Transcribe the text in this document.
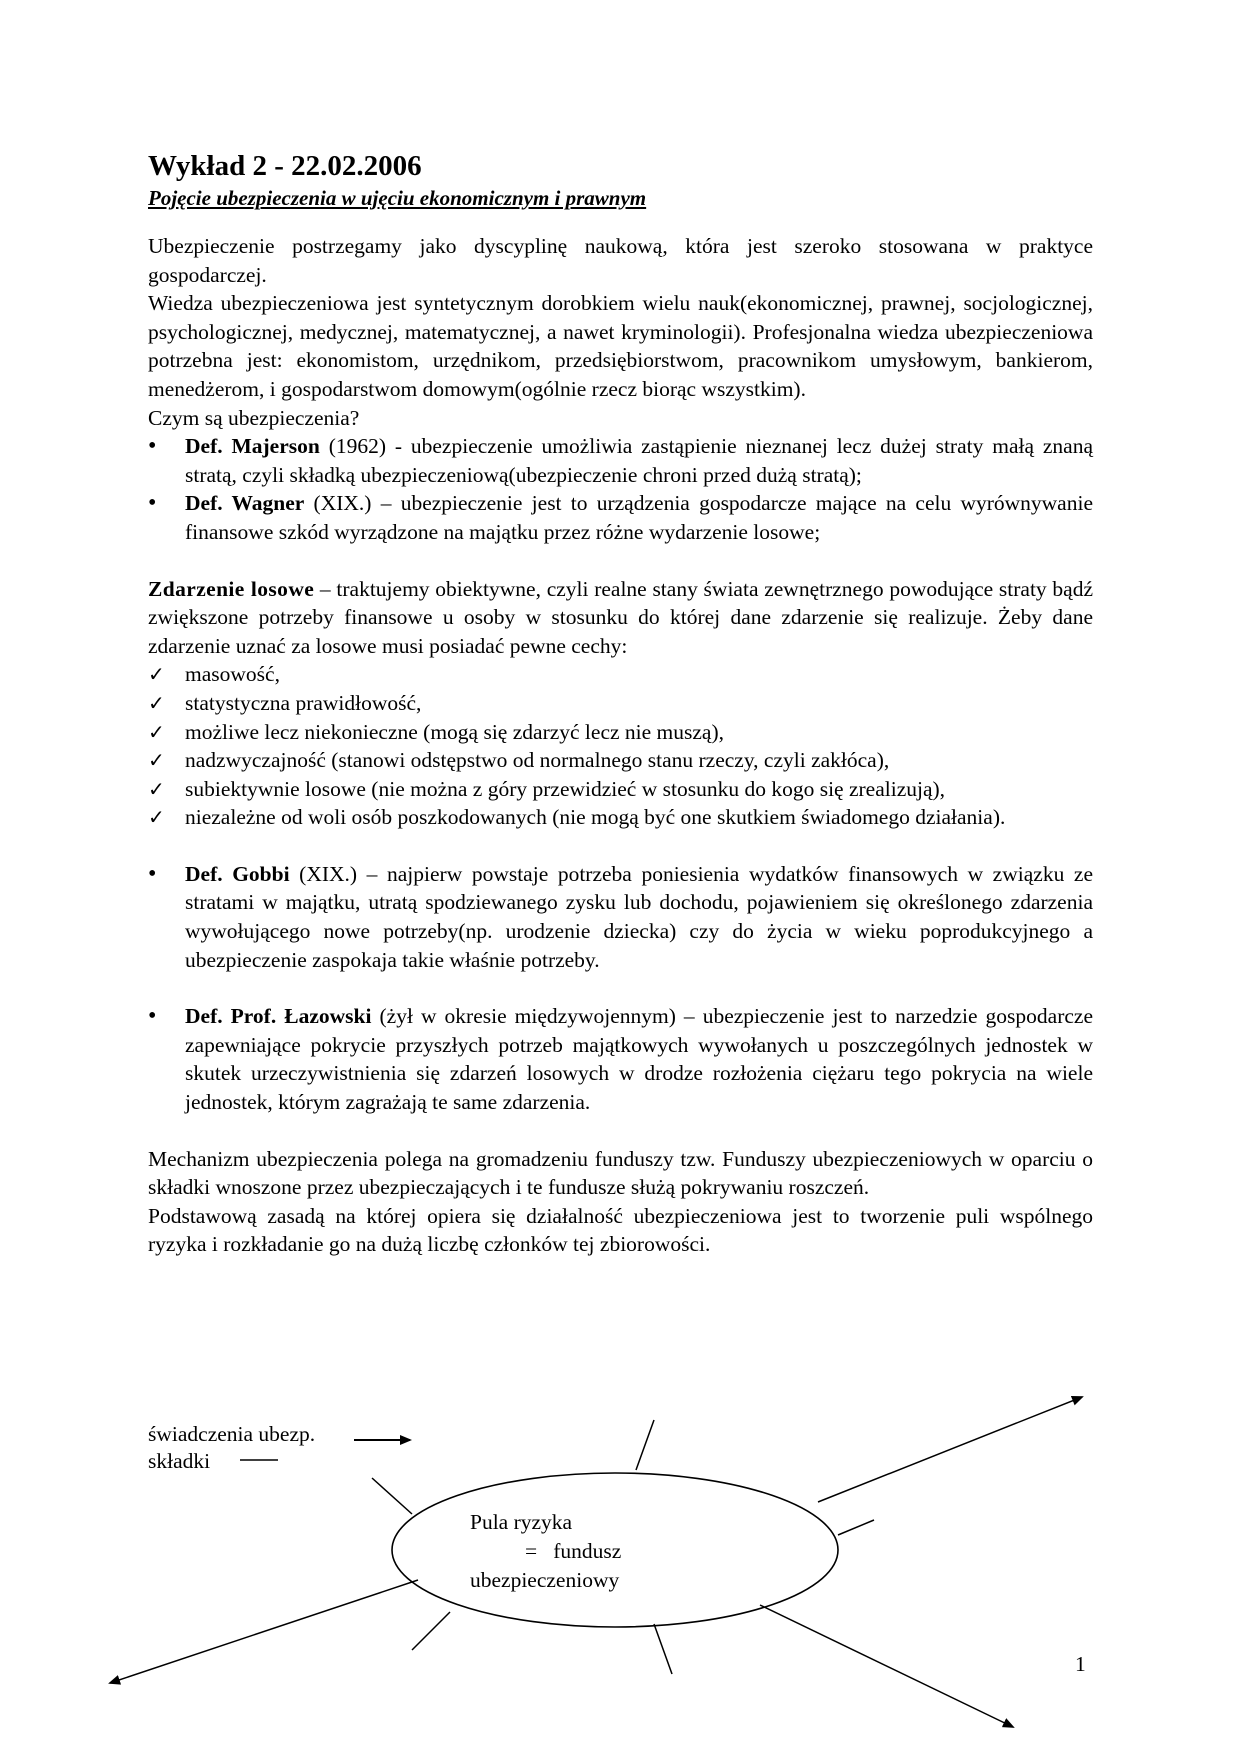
Wykład 2 - 22.02.2006
Pojęcie ubezpieczenia w ujęciu ekonomicznym i prawnym

Ubezpieczenie postrzegamy jako dyscyplinę naukową, która jest szeroko stosowana w praktyce gospodarczej.

Wiedza ubezpieczeniowa jest syntetycznym dorobkiem wielu nauk(ekonomicznej, prawnej, socjologicznej, psychologicznej, medycznej, matematycznej, a nawet kryminologii). Profesjonalna wiedza ubezpieczeniowa potrzebna jest: ekonomistom, urzędnikom, przedsiębiorstwom, pracownikom umysłowym, bankierom, menedżerom, i gospodarstwom domowym(ogólnie rzecz biorąc wszystkim).

Czym są ubezpieczenia?

•
Def. Majerson (1962) - ubezpieczenie umożliwia zastąpienie nieznanej lecz dużej straty małą znaną stratą, czyli składką ubezpieczeniową(ubezpieczenie chroni przed dużą stratą);
•
Def. Wagner (XIX.) – ubezpieczenie jest to urządzenia gospodarcze mające na celu wyrównywanie finansowe szkód wyrządzone na majątku przez różne wydarzenie losowe;

Zdarzenie losowe – traktujemy obiektywne, czyli realne stany świata zewnętrznego powodujące straty bądź zwiększone potrzeby finansowe u osoby w stosunku do której dane zdarzenie się realizuje. Żeby dane zdarzenie uznać za losowe musi posiadać pewne cechy:

✓ masowość,
✓ statystyczna prawidłowość,
✓ możliwe lecz niekonieczne (mogą się zdarzyć lecz nie muszą),
✓ nadzwyczajność (stanowi odstępstwo od normalnego stanu rzeczy, czyli zakłóca),
✓ subiektywnie losowe (nie można z góry przewidzieć w stosunku do kogo się zrealizują),
✓ niezależne od woli osób poszkodowanych (nie mogą być one skutkiem świadomego działania).
•
Def. Gobbi (XIX.) – najpierw powstaje potrzeba poniesienia wydatków finansowych w związku ze stratami w majątku, utratą spodziewanego zysku lub dochodu, pojawieniem się określonego zdarzenia wywołującego nowe potrzeby(np. urodzenie dziecka) czy do życia w wieku poprodukcyjnego a ubezpieczenie zaspokaja takie właśnie potrzeby.
•
Def. Prof. Łazowski (żył w okresie międzywojennym) – ubezpieczenie jest to narzedzie gospodarcze zapewniające pokrycie przyszłych potrzeb majątkowych wywołanych u poszczególnych jednostek w skutek urzeczywistnienia się zdarzeń losowych w drodze rozłożenia ciężaru tego pokrycia na wiele jednostek, którym zagrażają te same zdarzenia.

Mechanizm ubezpieczenia polega na gromadzeniu funduszy tzw. Funduszy ubezpieczeniowych w oparciu o składki wnoszone przez ubezpieczających i te fundusze służą pokrywaniu roszczeń.

Podstawową zasadą na której opiera się działalność ubezpieczeniowa jest to tworzenie puli wspólnego ryzyka i rozkładanie go na dużą liczbę członków tej zbiorowości.

świadczenia ubezp.
składki
Pula ryzyka
=   fundusz
ubezpieczeniowy
1
